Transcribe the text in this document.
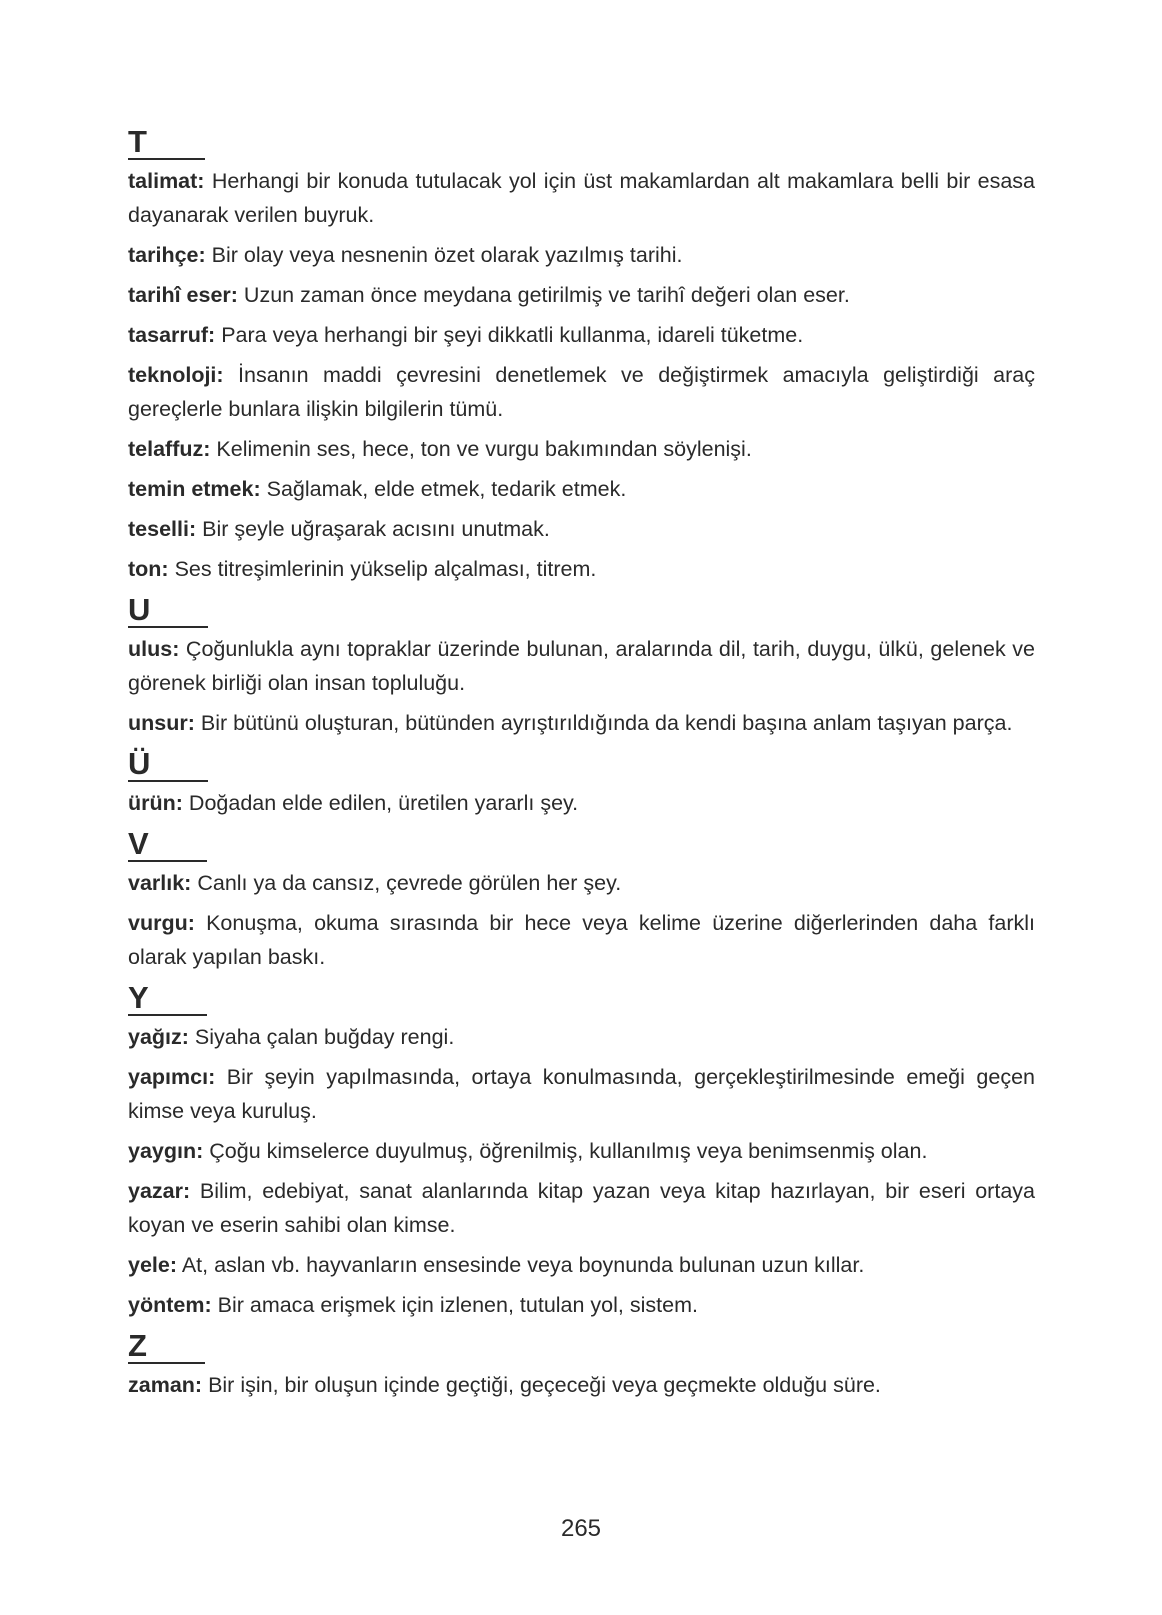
T

talimat: Herhangi bir konuda tutulacak yol için üst makamlardan alt makamlara belli bir esasa dayanarak verilen buyruk.

tarihçe: Bir olay veya nesnenin özet olarak yazılmış tarihi.

tarihî eser: Uzun zaman önce meydana getirilmiş ve tarihî değeri olan eser.

tasarruf: Para veya herhangi bir şeyi dikkatli kullanma, idareli tüketme.

teknoloji: İnsanın maddi çevresini denetlemek ve değiştirmek amacıyla geliştirdiği araç gereçlerle bunlara ilişkin bilgilerin tümü.

telaffuz: Kelimenin ses, hece, ton ve vurgu bakımından söylenişi.

temin etmek: Sağlamak, elde etmek, tedarik etmek.

teselli: Bir şeyle uğraşarak acısını unutmak.

ton: Ses titreşimlerinin yükselip alçalması, titrem.

U

ulus: Çoğunlukla aynı topraklar üzerinde bulunan, aralarında dil, tarih, duygu, ülkü, gelenek ve görenek birliği olan insan topluluğu.

unsur: Bir bütünü oluşturan, bütünden ayrıştırıldığında da kendi başına anlam taşıyan parça.

Ü

ürün: Doğadan elde edilen, üretilen yararlı şey.

V

varlık: Canlı ya da cansız, çevrede görülen her şey.

vurgu: Konuşma, okuma sırasında bir hece veya kelime üzerine diğerlerinden daha farklı olarak yapılan baskı.

Y

yağız: Siyaha çalan buğday rengi.

yapımcı: Bir şeyin yapılmasında, ortaya konulmasında, gerçekleştirilmesinde emeği geçen kimse veya kuruluş.

yaygın: Çoğu kimselerce duyulmuş, öğrenilmiş, kullanılmış veya benimsenmiş olan.

yazar: Bilim, edebiyat, sanat alanlarında kitap yazan veya kitap hazırlayan, bir eseri ortaya koyan ve eserin sahibi olan kimse.

yele: At, aslan vb. hayvanların ensesinde veya boynunda bulunan uzun kıllar.

yöntem: Bir amaca erişmek için izlenen, tutulan yol, sistem.

Z

zaman: Bir işin, bir oluşun içinde geçtiği, geçeceği veya geçmekte olduğu süre.

265
